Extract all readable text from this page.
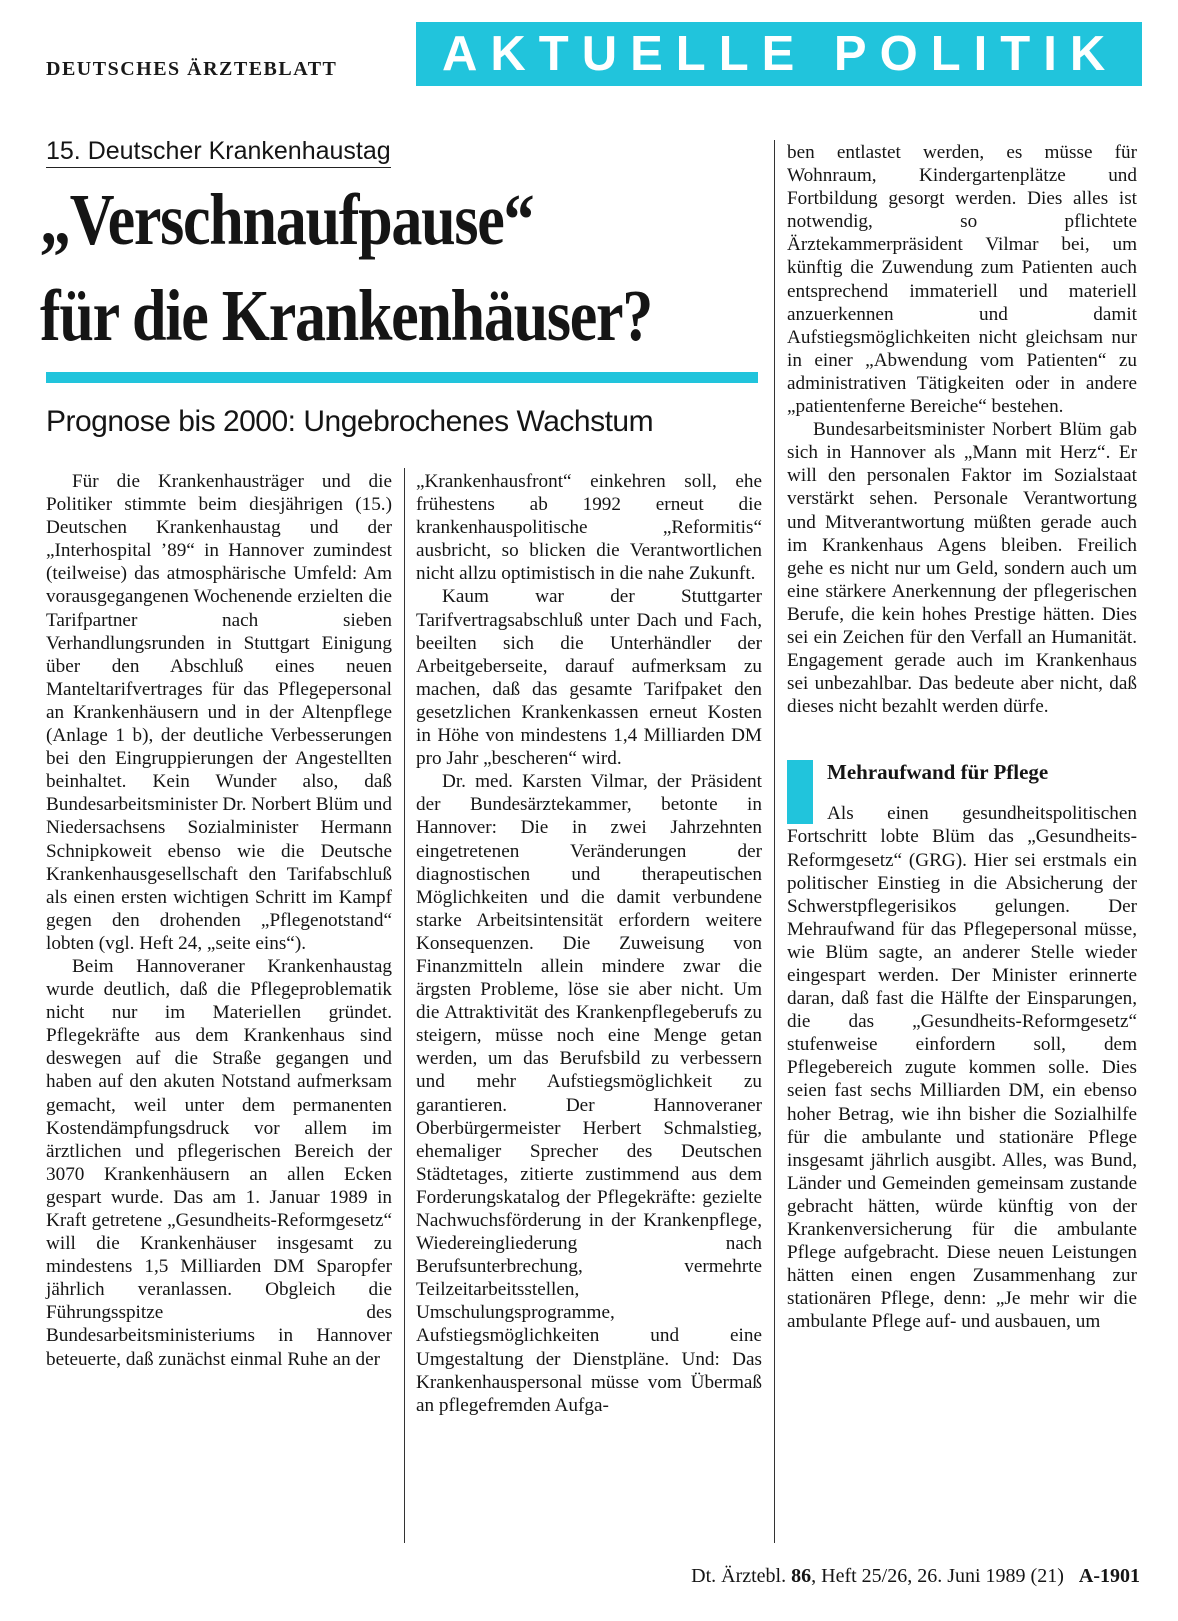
DEUTSCHES ÄRZTEBLATT	AKTUELLE POLITIK
15. Deutscher Krankenhaustag
„Verschnaufpause“
für die Krankenhäuser?
Prognose bis 2000: Ungebrochenes Wachstum

Für die Krankenhausträger und die Politiker stimmte beim diesjährigen (15.) Deutschen Krankenhaustag und der „Interhospital ’89“ in Hannover zumindest (teilweise) das atmosphärische Umfeld: Am vorausgegangenen Wochenende erzielten die Tarifpartner nach sieben Verhandlungsrunden in Stuttgart Einigung über den Abschluß eines neuen Manteltarifvertrages für das Pflegepersonal an Krankenhäusern und in der Altenpflege (Anlage 1 b), der deutliche Verbesserungen bei den Eingruppierungen der Angestellten beinhaltet. Kein Wunder also, daß Bundesarbeitsminister Dr. Norbert Blüm und Niedersachsens Sozialminister Hermann Schnipkoweit ebenso wie die Deutsche Krankenhausgesellschaft den Tarifabschluß als einen ersten wichtigen Schritt im Kampf gegen den drohenden „Pflegenotstand“ lobten (vgl. Heft 24, „seite eins“).

Beim Hannoveraner Krankenhaustag wurde deutlich, daß die Pflegeproblematik nicht nur im Materiellen gründet. Pflegekräfte aus dem Krankenhaus sind deswegen auf die Straße gegangen und haben auf den akuten Notstand aufmerksam gemacht, weil unter dem permanenten Kostendämpfungsdruck vor allem im ärztlichen und pflegerischen Bereich der 3070 Krankenhäusern an allen Ecken gespart wurde. Das am 1. Januar 1989 in Kraft getretene „Gesundheits-Reformgesetz“ will die Krankenhäuser insgesamt zu mindestens 1,5 Milliarden DM Sparopfer jährlich veranlassen. Obgleich die Führungsspitze des Bundesarbeitsministeriums in Hannover beteuerte, daß zunächst einmal Ruhe an der

„Krankenhausfront“ einkehren soll, ehe frühestens ab 1992 erneut die krankenhauspolitische „Reformitis“ ausbricht, so blicken die Verantwortlichen nicht allzu optimistisch in die nahe Zukunft.

Kaum war der Stuttgarter Tarifvertragsabschluß unter Dach und Fach, beeilten sich die Unterhändler der Arbeitgeberseite, darauf aufmerksam zu machen, daß das gesamte Tarifpaket den gesetzlichen Krankenkassen erneut Kosten in Höhe von mindestens 1,4 Milliarden DM pro Jahr „bescheren“ wird.

Dr. med. Karsten Vilmar, der Präsident der Bundesärztekammer, betonte in Hannover: Die in zwei Jahrzehnten eingetretenen Veränderungen der diagnostischen und therapeutischen Möglichkeiten und die damit verbundene starke Arbeitsintensität erfordern weitere Konsequenzen. Die Zuweisung von Finanzmitteln allein mindere zwar die ärgsten Probleme, löse sie aber nicht. Um die Attraktivität des Krankenpflegeberufs zu steigern, müsse noch eine Menge getan werden, um das Berufsbild zu verbessern und mehr Aufstiegsmöglichkeit zu garantieren. Der Hannoveraner Oberbürgermeister Herbert Schmalstieg, ehemaliger Sprecher des Deutschen Städtetages, zitierte zustimmend aus dem Forderungskatalog der Pflegekräfte: gezielte Nachwuchsförderung in der Krankenpflege, Wiedereingliederung nach Berufsunterbrechung, vermehrte Teilzeitarbeitsstellen, Umschulungsprogramme, Aufstiegsmöglichkeiten und eine Umgestaltung der Dienstpläne. Und: Das Krankenhauspersonal müsse vom Übermaß an pflegefremden Aufga-

ben entlastet werden, es müsse für Wohnraum, Kindergartenplätze und Fortbildung gesorgt werden. Dies alles ist notwendig, so pflichtete Ärztekammerpräsident Vilmar bei, um künftig die Zuwendung zum Patienten auch entsprechend immateriell und materiell anzuerkennen und damit Aufstiegsmöglichkeiten nicht gleichsam nur in einer „Abwendung vom Patienten“ zu administrativen Tätigkeiten oder in andere „patientenferne Bereiche“ bestehen.

Bundesarbeitsminister Norbert Blüm gab sich in Hannover als „Mann mit Herz“. Er will den personalen Faktor im Sozialstaat verstärkt sehen. Personale Verantwortung und Mitverantwortung müßten gerade auch im Krankenhaus Agens bleiben. Freilich gehe es nicht nur um Geld, sondern auch um eine stärkere Anerkennung der pflegerischen Berufe, die kein hohes Prestige hätten. Dies sei ein Zeichen für den Verfall an Humanität. Engagement gerade auch im Krankenhaus sei unbezahlbar. Das bedeute aber nicht, daß dieses nicht bezahlt werden dürfe.

Mehraufwand für Pflege

Als einen gesundheitspolitischen Fortschritt lobte Blüm das „Gesundheits-Reformgesetz“ (GRG). Hier sei erstmals ein politischer Einstieg in die Absicherung der Schwerstpflegerisikos gelungen. Der Mehraufwand für das Pflegepersonal müsse, wie Blüm sagte, an anderer Stelle wieder eingespart werden. Der Minister erinnerte daran, daß fast die Hälfte der Einsparungen, die das „Gesundheits-Reformgesetz“ stufenweise einfordern soll, dem Pflegebereich zugute kommen solle. Dies seien fast sechs Milliarden DM, ein ebenso hoher Betrag, wie ihn bisher die Sozialhilfe für die ambulante und stationäre Pflege insgesamt jährlich ausgibt. Alles, was Bund, Länder und Gemeinden gemeinsam zustande gebracht hätten, würde künftig von der Krankenversicherung für die ambulante Pflege aufgebracht. Diese neuen Leistungen hätten einen engen Zusammenhang zur stationären Pflege, denn: „Je mehr wir die ambulante Pflege auf- und ausbauen, um

Dt. Ärztebl. 86, Heft 25/26, 26. Juni 1989 (21) A-1901
